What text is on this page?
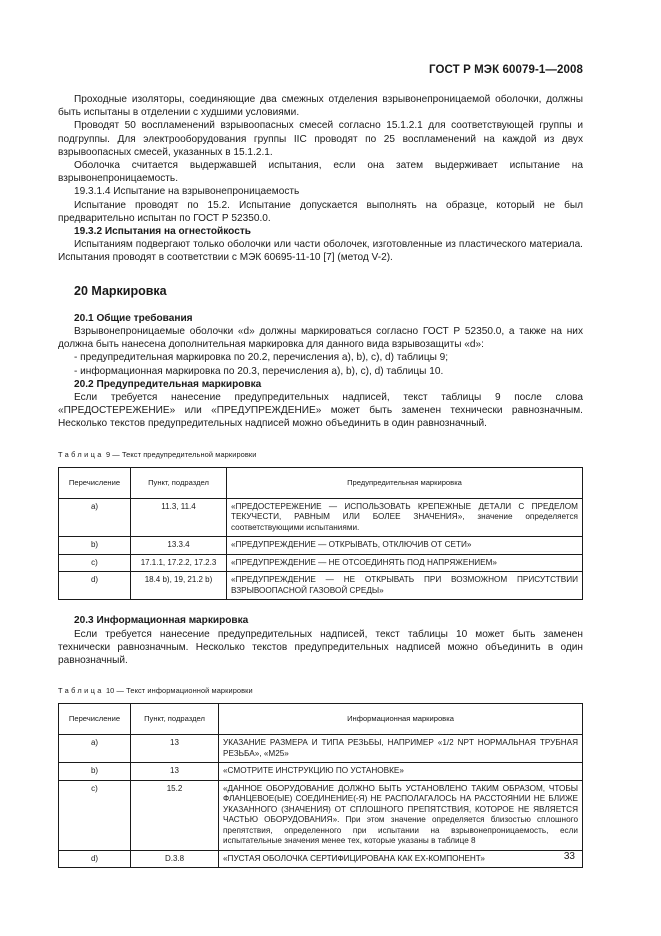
ГОСТ Р МЭК 60079-1—2008

Проходные изоляторы, соединяющие два смежных отделения взрывонепроницаемой оболочки, должны быть испытаны в отделении с худшими условиями.

Проводят 50 воспламенений взрывоопасных смесей согласно 15.1.2.1 для соответствующей группы и подгруппы. Для электрооборудования группы IIC проводят по 25 воспламенений на каждой из двух взрывоопасных смесей, указанных в 15.1.2.1.

Оболочка считается выдержавшей испытания, если она затем выдерживает испытание на взрывонепроницаемость.

19.3.1.4 Испытание на взрывонепроницаемость

Испытание проводят по 15.2. Испытание допускается выполнять на образце, который не был предварительно испытан по ГОСТ Р 52350.0.

19.3.2 Испытания на огнестойкость

Испытаниям подвергают только оболочки или части оболочек, изготовленные из пластического материала. Испытания проводят в соответствии с МЭК 60695-11-10 [7] (метод V-2).

20 Маркировка

20.1 Общие требования

Взрывонепроницаемые оболочки «d» должны маркироваться согласно ГОСТ Р 52350.0, а также на них должна быть нанесена дополнительная маркировка для данного вида взрывозащиты «d»:

- предупредительная маркировка по 20.2, перечисления a), b), c), d) таблицы 9;

- информационная маркировка по 20.3, перечисления a), b), c), d) таблицы 10.

20.2 Предупредительная маркировка

Если требуется нанесение предупредительных надписей, текст таблицы 9 после слова «ПРЕДОСТЕРЕЖЕНИЕ» или «ПРЕДУПРЕЖДЕНИЕ» может быть заменен технически равнозначным. Несколько текстов предупредительных надписей можно объединить в один равнозначный.

Таблица 9 — Текст предупредительной маркировки
Перечисление	Пункт, подраздел	Предупредительная маркировка
a)	11.3, 11.4	«ПРЕДОСТЕРЕЖЕНИЕ — ИСПОЛЬЗОВАТЬ КРЕПЕЖНЫЕ ДЕТАЛИ С ПРЕДЕЛОМ ТЕКУЧЕСТИ, РАВНЫМ ИЛИ БОЛЕЕ ЗНАЧЕНИЯ», значение определяется соответствующими испытаниями.
b)	13.3.4	«ПРЕДУПРЕЖДЕНИЕ — ОТКРЫВАТЬ, ОТКЛЮЧИВ ОТ СЕТИ»
c)	17.1.1, 17.2.2, 17.2.3	«ПРЕДУПРЕЖДЕНИЕ — НЕ ОТСОЕДИНЯТЬ ПОД НАПРЯЖЕНИЕМ»
d)	18.4 b), 19, 21.2 b)	«ПРЕДУПРЕЖДЕНИЕ — НЕ ОТКРЫВАТЬ ПРИ ВОЗМОЖНОМ ПРИСУТСТВИИ ВЗРЫВООПАСНОЙ ГАЗОВОЙ СРЕДЫ»

20.3 Информационная маркировка

Если требуется нанесение предупредительных надписей, текст таблицы 10 может быть заменен технически равнозначным. Несколько текстов предупредительных надписей можно объединить в один равнозначный.

Таблица 10 — Текст информационной маркировки
Перечисление	Пункт, подраздел	Информационная маркировка
a)	13	УКАЗАНИЕ РАЗМЕРА И ТИПА РЕЗЬБЫ, НАПРИМЕР «1/2 NPT НОРМАЛЬНАЯ ТРУБНАЯ РЕЗЬБА», «M25»
b)	13	«СМОТРИТЕ ИНСТРУКЦИЮ ПО УСТАНОВКЕ»
c)	15.2	«ДАННОЕ ОБОРУДОВАНИЕ ДОЛЖНО БЫТЬ УСТАНОВЛЕНО ТАКИМ ОБРАЗОМ, ЧТОБЫ ФЛАНЦЕВОЕ(ЫЕ) СОЕДИНЕНИЕ(-Я) НЕ РАСПОЛАГАЛОСЬ НА РАССТОЯНИИ НЕ БЛИЖЕ УКАЗАННОГО (ЗНАЧЕНИЯ) ОТ СПЛОШНОГО ПРЕПЯТСТВИЯ, КОТОРОЕ НЕ ЯВЛЯЕТСЯ ЧАСТЬЮ ОБОРУДОВАНИЯ». При этом значение определяется близостью сплошного препятствия, определенного при испытании на взрывонепроницаемость, если испытательные значения менее тех, которые указаны в таблице 8
d)	D.3.8	«ПУСТАЯ ОБОЛОЧКА СЕРТИФИЦИРОВАНА КАК EX-КОМПОНЕНТ»	33
